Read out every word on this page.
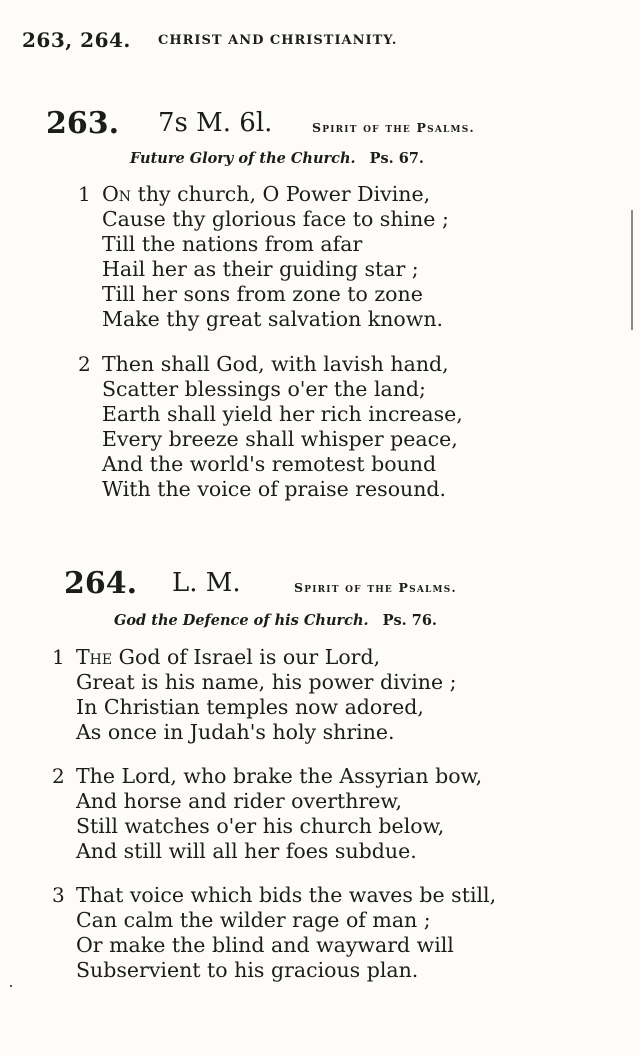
263, 264. CHRIST AND CHRISTIANITY.
263. 7s M. 6l.	Spirit of the Psalms.
Future Glory of the Church. Ps. 67.
1 On thy church, O Power Divine,
Cause thy glorious face to shine ;
Till the nations from afar
Hail her as their guiding star ;
Till her sons from zone to zone
Make thy great salvation known.
2 Then shall God, with lavish hand,
Scatter blessings o'er the land;
Earth shall yield her rich increase,
Every breeze shall whisper peace,
And the world's remotest bound
With the voice of praise resound.
264. L. M.	Spirit of the Psalms.
God the Defence of his Church. Ps. 76.
1 The God of Israel is our Lord,
Great is his name, his power divine ;
In Christian temples now adored,
As once in Judah's holy shrine.
2 The Lord, who brake the Assyrian bow,
And horse and rider overthrew,
Still watches o'er his church below,
And still will all her foes subdue.
3 That voice which bids the waves be still,
Can calm the wilder rage of man ;
Or make the blind and wayward will
Subservient to his gracious plan.
